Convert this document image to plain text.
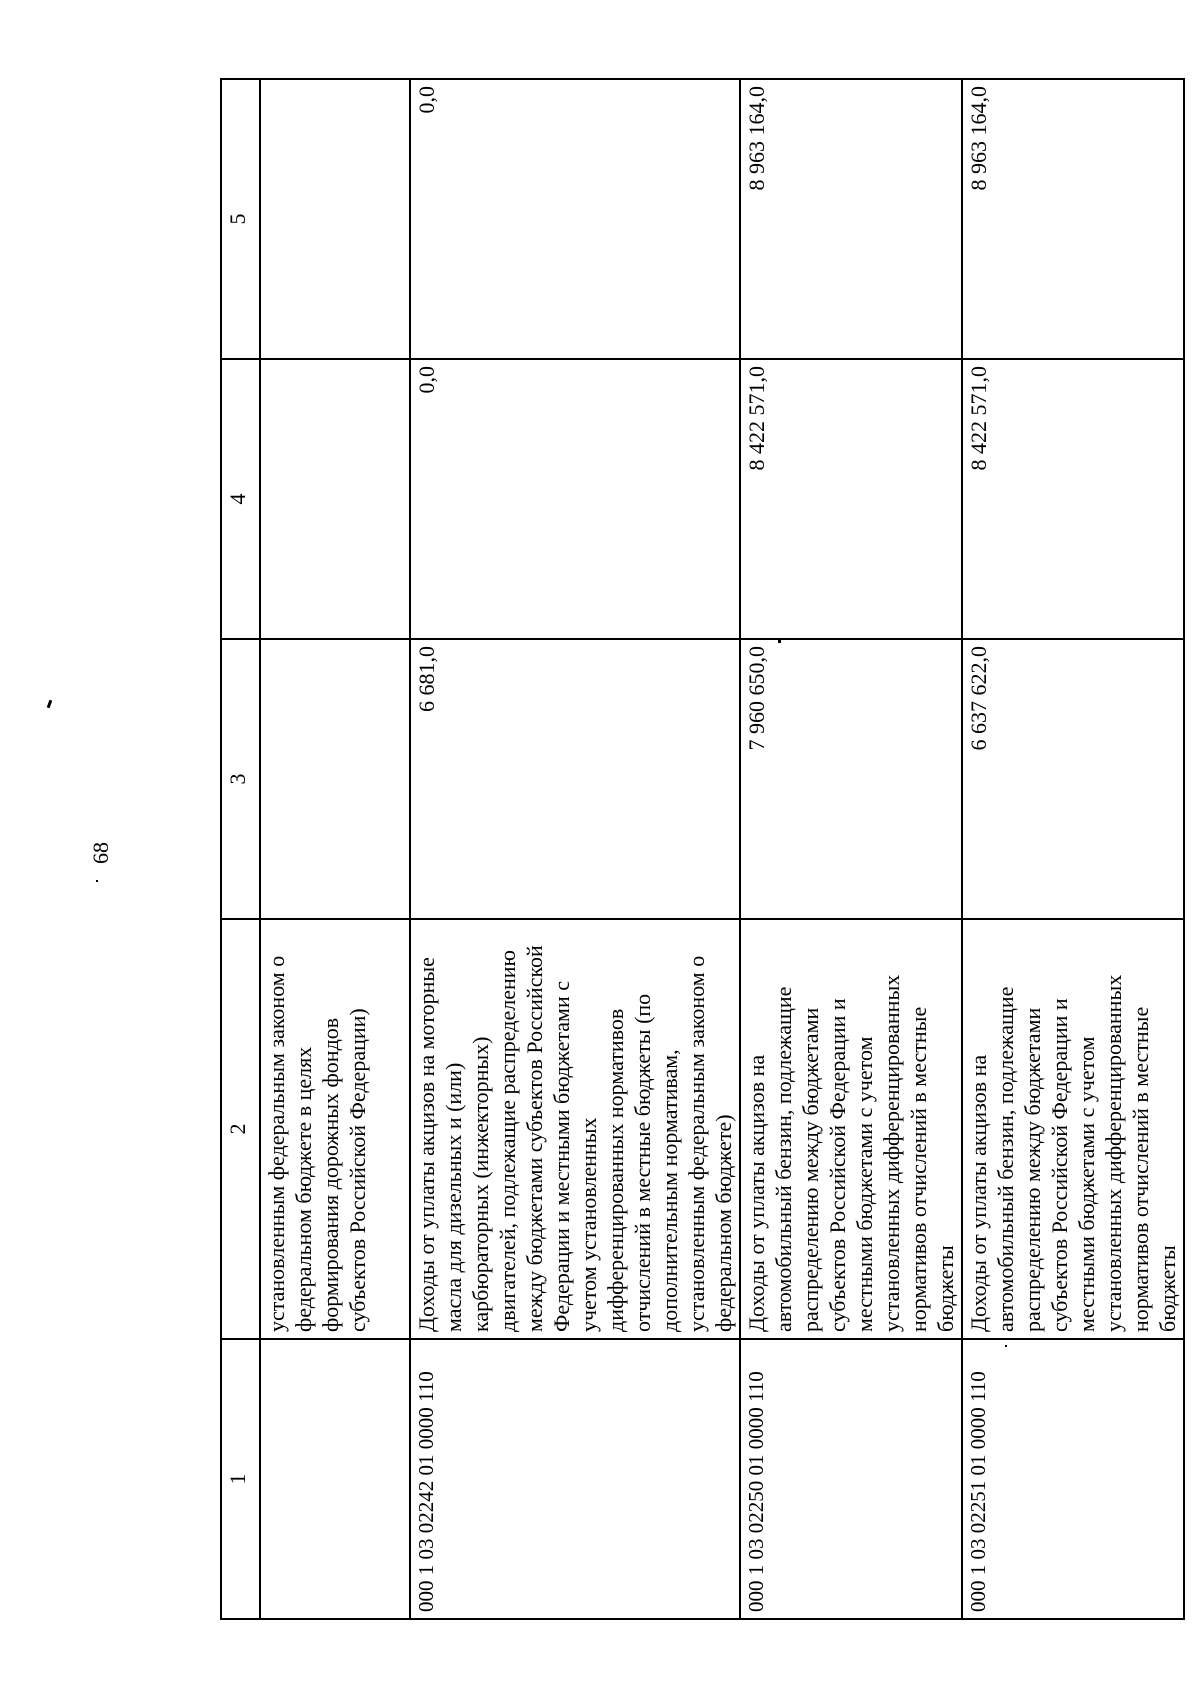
68
1	2	3	4	5
	установленным федеральным законом о федеральном бюджете в целях формирования дорожных фондов субъектов Российской Федерации)			
000 1 03 02242 01 0000 110	Доходы от уплаты акцизов на моторные масла для дизельных и (или) карбюраторных (инжекторных) двигателей, подлежащие распределению между бюджетами субъектов Российской Федерации и местными бюджетами с учетом установленных дифференцированных нормативов отчислений в местные бюджеты (по дополнительным нормативам, установленным федеральным законом о федеральном бюджете)	6 681,0	0,0	0,0
000 1 03 02250 01 0000 110	Доходы от уплаты акцизов на автомобильный бензин, подлежащие распределению между бюджетами субъектов Российской Федерации и местными бюджетами с учетом установленных дифференцированных нормативов отчислений в местные бюджеты	7 960 650,0	8 422 571,0	8 963 164,0
000 1 03 02251 01 0000 110	Доходы от уплаты акцизов на автомобильный бензин, подлежащие распределению между бюджетами субъектов Российской Федерации и местными бюджетами с учетом установленных дифференцированных нормативов отчислений в местные бюджеты	6 637 622,0	8 422 571,0	8 963 164,0
